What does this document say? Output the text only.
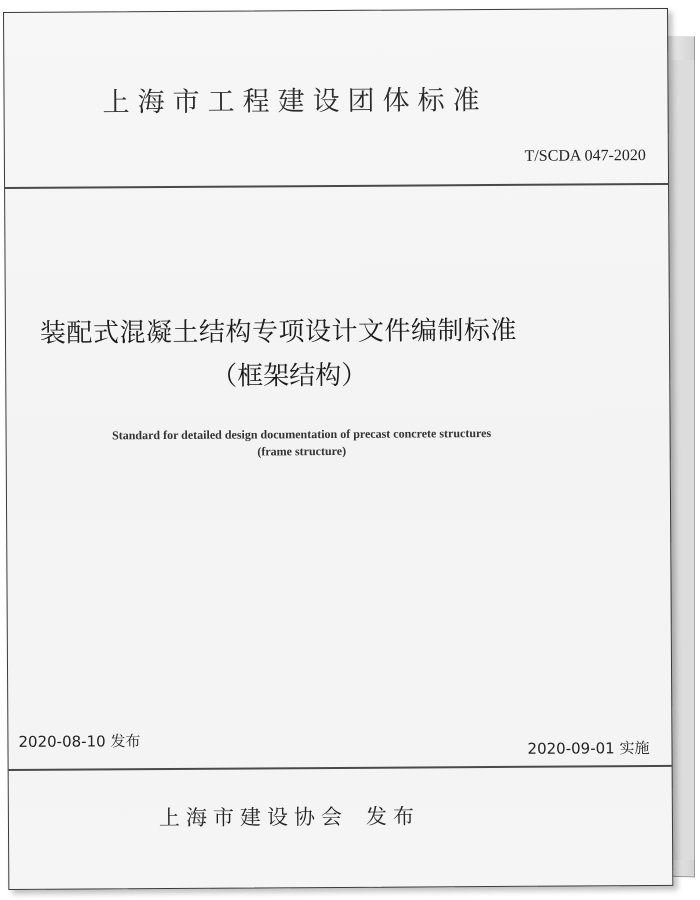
上海市工程建设团体标准
T/SCDA 047-2020
装配式混凝土结构专项设计文件编制标准
（框架结构）
Standard for detailed design documentation of precast concrete structures
(frame structure)
2020-08-10 发布	2020-09-01 实施
上海市建设协会 发布
